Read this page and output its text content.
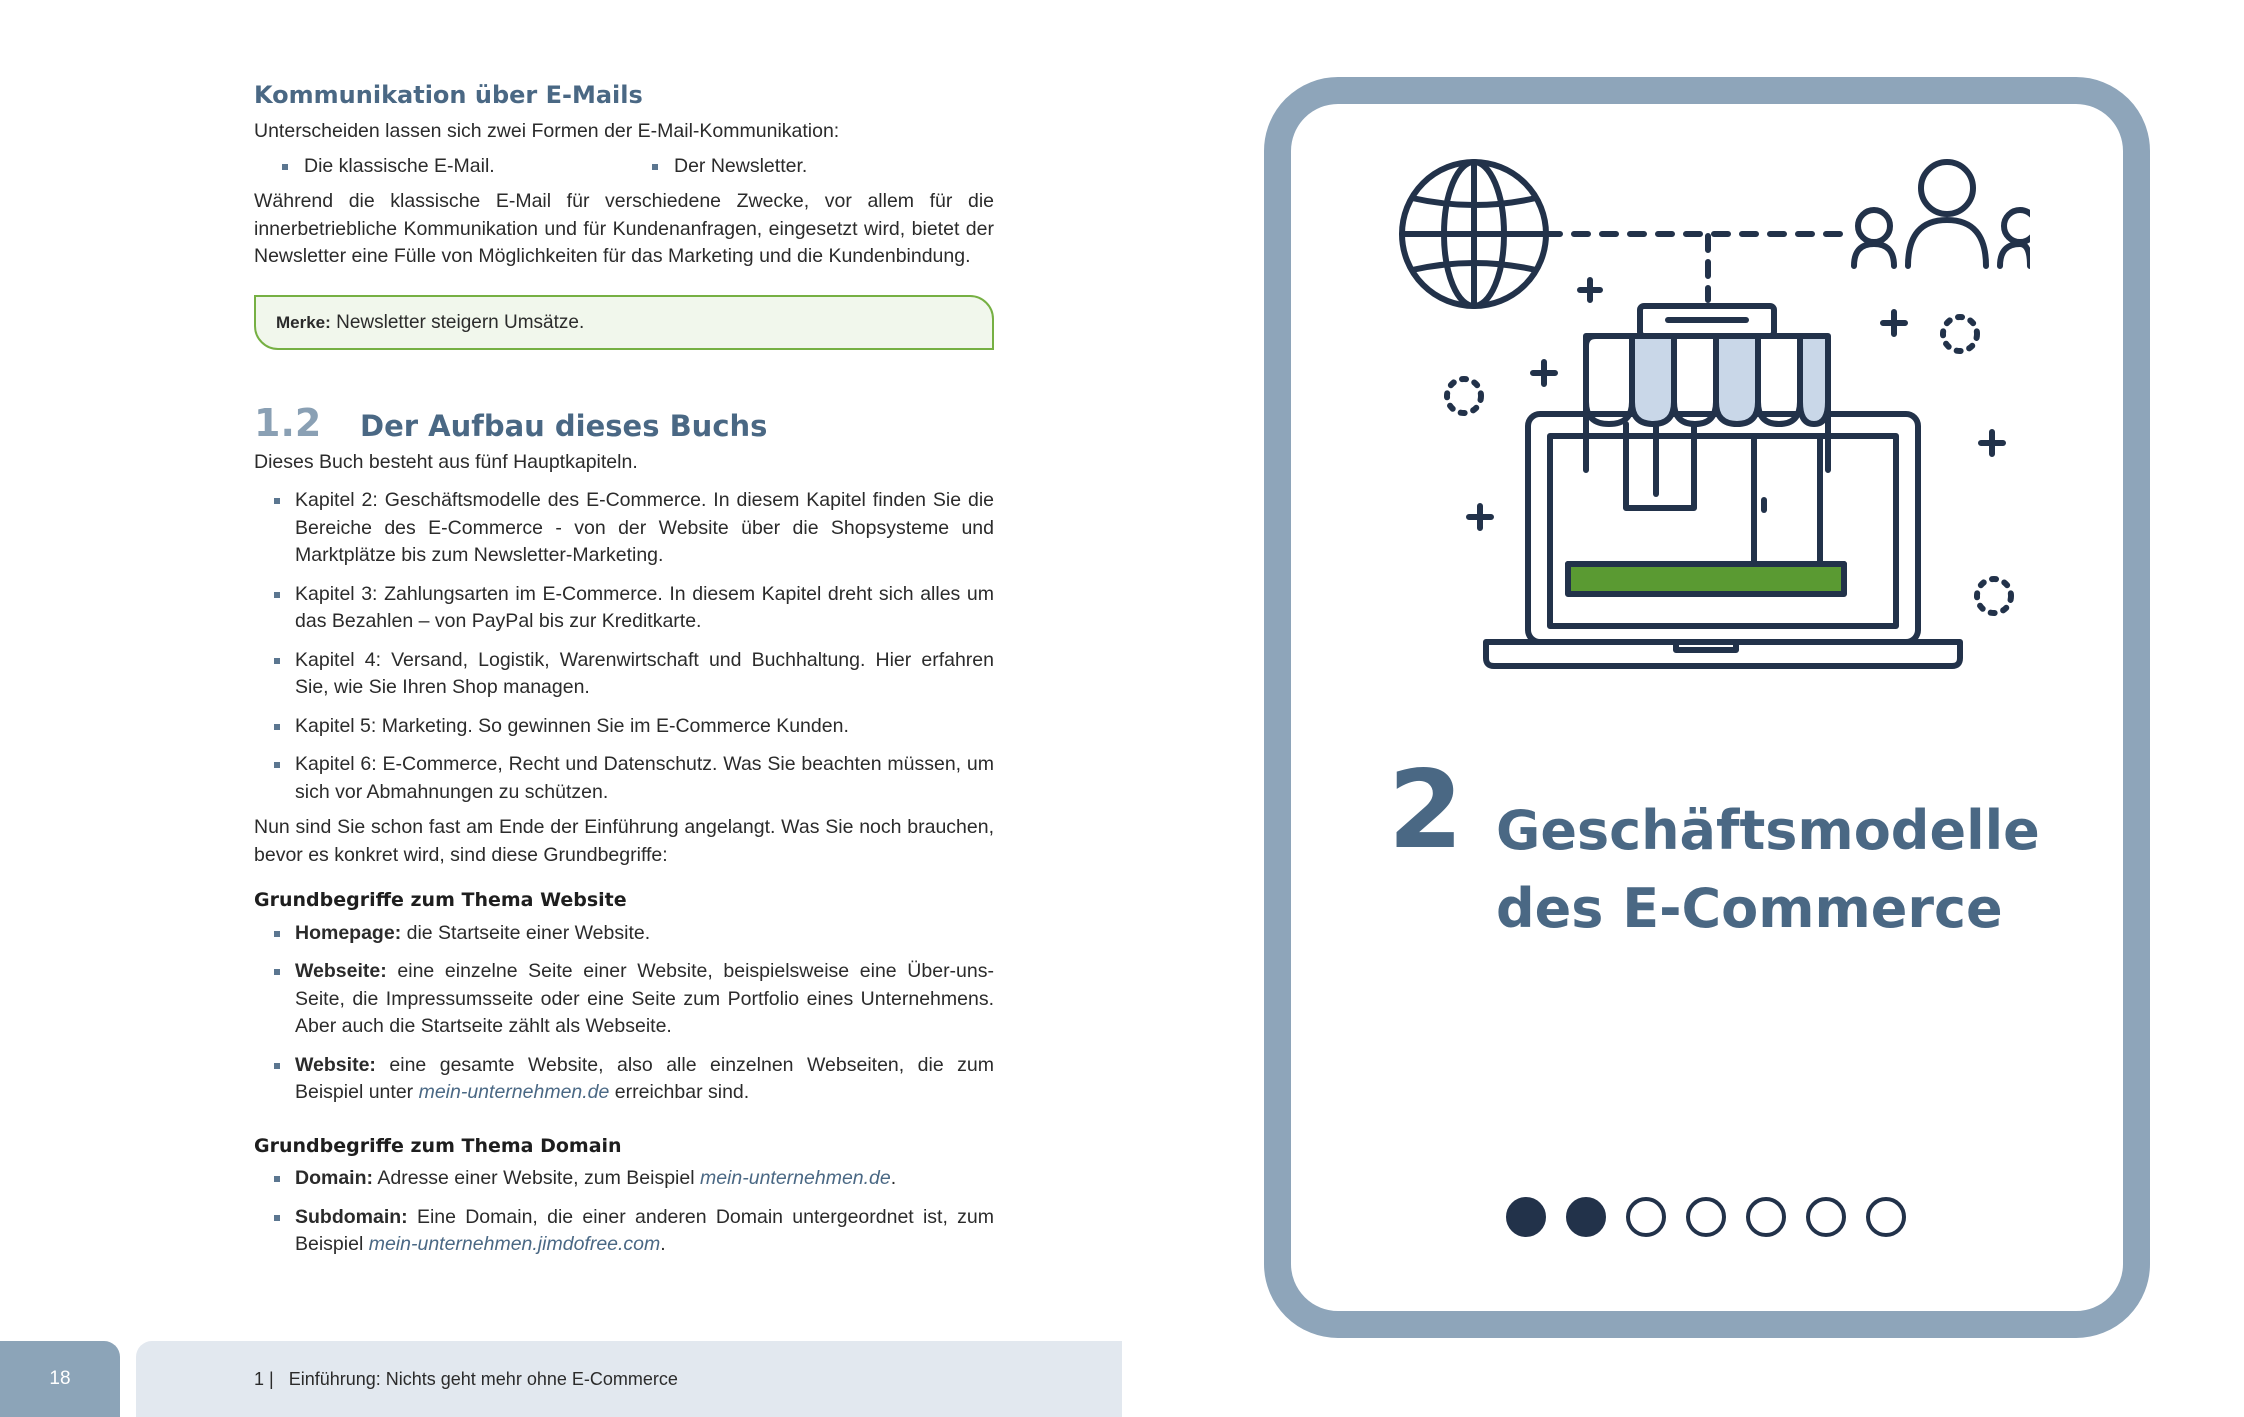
Kommunikation über E-Mails

Unterscheiden lassen sich zwei Formen der E-Mail-Kommunikation:

Die klassische E-Mail.	Der Newsletter.

Während die klassische E-Mail für verschiedene Zwecke, vor allem für die innerbetriebliche Kommunikation und für Kundenanfragen, eingesetzt wird, bietet der Newsletter eine Fülle von Möglichkeiten für das Marketing und die Kundenbindung.

Merke: Newsletter steigern Umsätze.
1.2	Der Aufbau dieses Buchs

Dieses Buch besteht aus fünf Hauptkapiteln.

Kapitel 2: Geschäftsmodelle des E-Commerce. In diesem Kapitel finden Sie die Bereiche des E-Commerce - von der Website über die Shopsysteme und Marktplätze bis zum Newsletter-Marketing.
Kapitel 3: Zahlungsarten im E-Commerce. In diesem Kapitel dreht sich alles um das Bezahlen – von PayPal bis zur Kreditkarte.
Kapitel 4: Versand, Logistik, Warenwirtschaft und Buchhaltung. Hier erfahren Sie, wie Sie Ihren Shop managen.
Kapitel 5: Marketing. So gewinnen Sie im E-Commerce Kunden.
Kapitel 6: E-Commerce, Recht und Datenschutz. Was Sie beachten müssen, um sich vor Abmahnungen zu schützen.

Nun sind Sie schon fast am Ende der Einführung angelangt. Was Sie noch brauchen, bevor es konkret wird, sind diese Grundbegriffe:

Grundbegriffe zum Thema Website
Homepage: die Startseite einer Website.
Webseite: eine einzelne Seite einer Website, beispielsweise eine Über-uns-Seite, die Impressumsseite oder eine Seite zum Portfolio eines Unternehmens. Aber auch die Startseite zählt als Webseite.
Website: eine gesamte Website, also alle einzelnen Webseiten, die zum Beispiel unter mein-unternehmen.de erreichbar sind.
Grundbegriffe zum Thema Domain
Domain: Adresse einer Website, zum Beispiel mein-unternehmen.de.
Subdomain: Eine Domain, die einer anderen Domain untergeordnet ist, zum Beispiel mein-unternehmen.jimdofree.com.
18	1 |   Einführung: Nichts geht mehr ohne E-Commerce
2 Geschäftsmodelle
des E-Commerce
